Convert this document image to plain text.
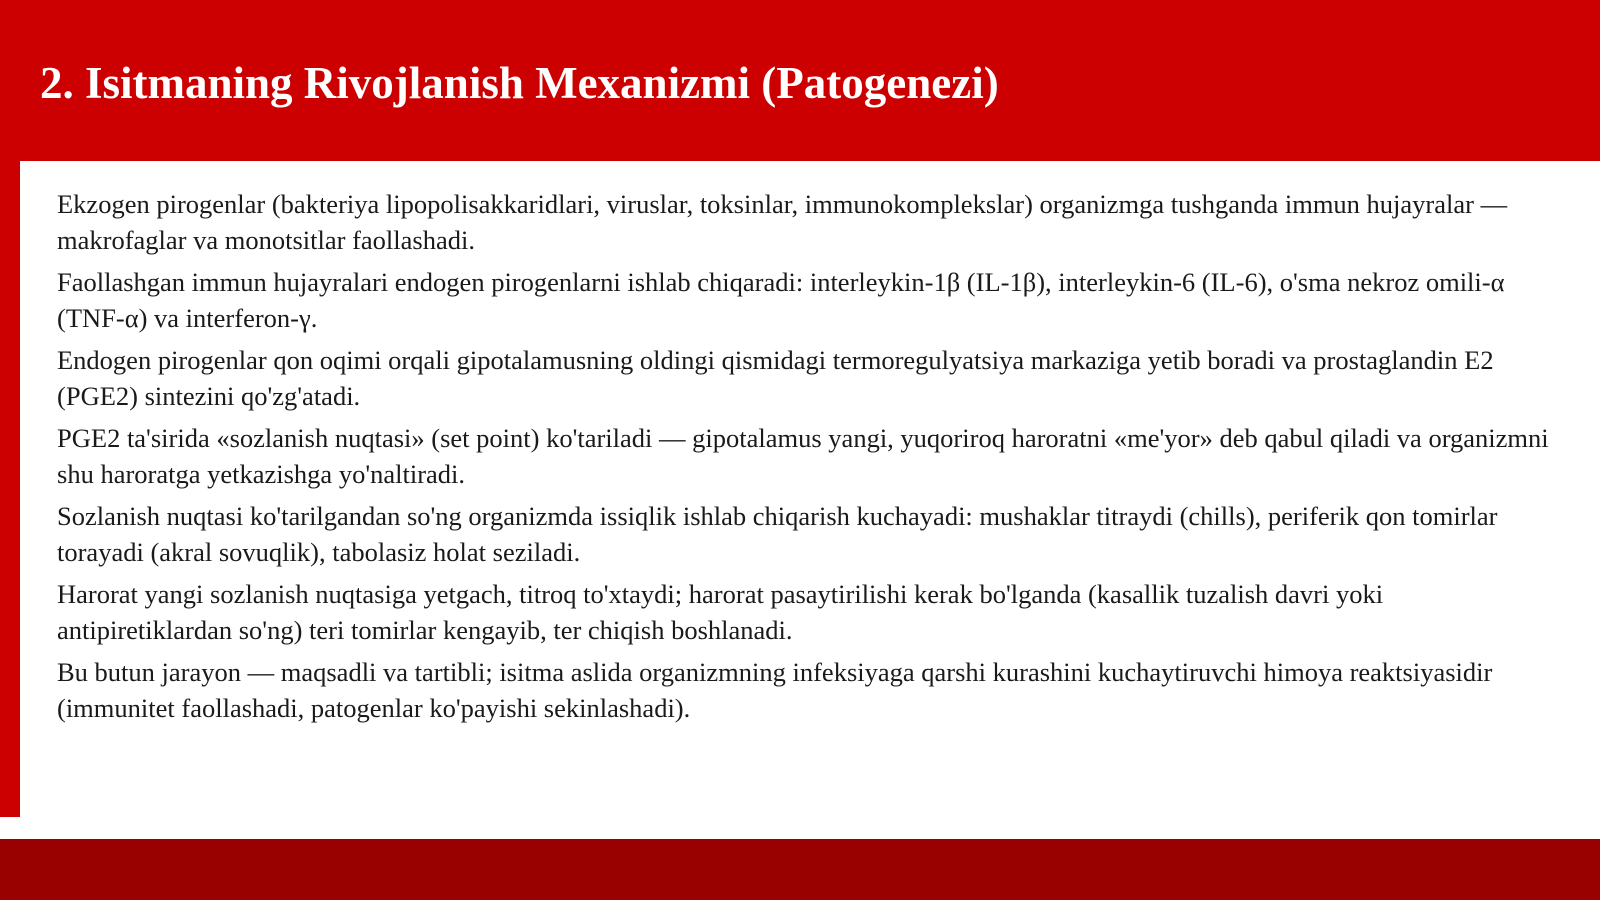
2. Isitmaning Rivojlanish Mexanizmi (Patogenezi)

Ekzogen pirogenlar (bakteriya lipopolisakkaridlari, viruslar, toksinlar, immunokomplekslar) organizmga tushganda immun hujayralar — makrofaglar va monotsitlar faollashadi.

Faollashgan immun hujayralari endogen pirogenlarni ishlab chiqaradi: interleykin-1β (IL-1β), interleykin-6 (IL-6), o'sma nekroz omili-α (TNF-α) va interferon-γ.

Endogen pirogenlar qon oqimi orqali gipotalamusning oldingi qismidagi termoregulyatsiya markaziga yetib boradi va prostaglandin E2 (PGE2) sintezini qo'zg'atadi.

PGE2 ta'sirida «sozlanish nuqtasi» (set point) ko'tariladi — gipotalamus yangi, yuqoriroq haroratni «me'yor» deb qabul qiladi va organizmni shu haroratga yetkazishga yo'naltiradi.

Sozlanish nuqtasi ko'tarilgandan so'ng organizmda issiqlik ishlab chiqarish kuchayadi: mushaklar titraydi (chills), periferik qon tomirlar torayadi (akral sovuqlik), tabolasiz holat seziladi.

Harorat yangi sozlanish nuqtasiga yetgach, titroq to'xtaydi; harorat pasaytirilishi kerak bo'lganda (kasallik tuzalish davri yoki antipiretiklardan so'ng) teri tomirlar kengayib, ter chiqish boshlanadi.

Bu butun jarayon — maqsadli va tartibli; isitma aslida organizmning infeksiyaga qarshi kurashini kuchaytiruvchi himoya reaktsiyasidir (immunitet faollashadi, patogenlar ko'payishi sekinlashadi).
